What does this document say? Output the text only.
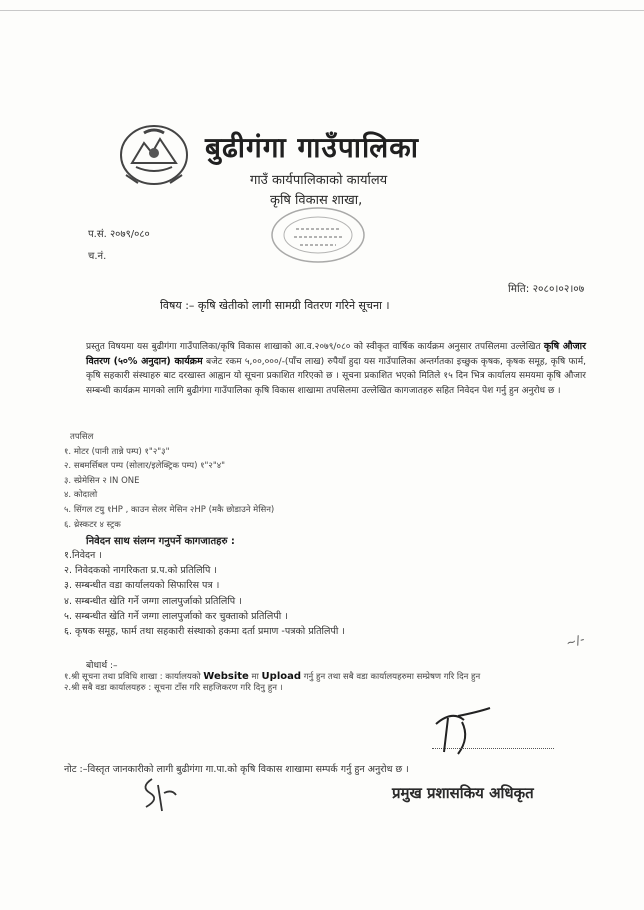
बुढीगंगा गाउँपालिका
गाउँ कार्यपालिकाको कार्यालय
कृषि विकास शाखा,
प.सं. २०७९/०८०
च.नं.
मिति: २०८०।०२।०७
विषय :– कृषि खेतीको लागी सामग्री वितरण गरिने सूचना ।
प्रस्तुत विषयमा यस बुढीगंगा गाउँपालिका/कृषि विकास शाखाको आ.व.२०७९/०८० को स्वीकृत वार्षिक कार्यक्रम अनुसार तपसिलमा उल्लेखित कृषि औजार वितरण (५०% अनुदान) कार्यक्रम बजेट रकम ५,००,०००/-(पाँच लाख) रुपैयाँ हुदा यस गाउँपालिका अन्तर्गतका इच्छुक कृषक, कृषक समूह, कृषि फार्म, कृषि सहकारी संस्थाहरु बाट दरखास्त आह्वान यो सूचना प्रकाशित गरिएको छ । सूचना प्रकाशित भएको मितिले १५ दिन भित्र कार्यालय समयमा कृषि औजार सम्बन्धी कार्यक्रम मागको लागि बुढीगंगा गाउँपालिका कृषि विकास शाखामा तपसिलमा उल्लेखित कागजातहरु सहित निवेदन पेश गर्नु हुन अनुरोध छ ।
तपसिल
१. मोटर (पानी तान्ने पम्प) १"२"३"
२. सबमर्सिबल पम्प (सोलार/इलेक्ट्रिक पम्प) १"२"४"
३. स्प्रेमेसिन २ IN ONE
४. कोदालो
५. सिंगल टयु १HP , काउन सेलर मेसिन २HP (मकै छोडाउने मेसिन)
६. थ्रेस्कटर ४ स्ट्रक
निवेदन साथ संलग्न गनुपर्ने कागजातहरु :
१.निवेदन ।
२. निवेदकको नागरिकता प्र.प.को प्रतिलिपि ।
३. सम्बन्धीत वडा कार्यालयको सिफारिस पत्र ।
४. सम्बन्धीत खेति गर्ने जग्गा लालपुर्जाको प्रतिलिपि ।
५. सम्बन्धीत खेति गर्ने जग्गा लालपुर्जाको कर चुक्ताको प्रतिलिपी ।
६. कृषक समूह, फार्म तथा सहकारी संस्थाको हकमा दर्ता प्रमाण -पत्रको प्रतिलिपी ।
~/-
बोधार्थ :–
१.श्री सूचना तथा प्रविधि शाखा : कार्यालयको Website मा Upload गर्नु हुन तथा सबै वडा कार्यालयहरुमा सम्प्रेषण गरि दिन हुन
२.श्री सबै वडा कार्यालयहरु : सूचना टाँस गरि सहजिकरण गरि दिनु हुन ।
नोट :–विस्तृत जानकारीको लागी बुढीगंगा गा.पा.को कृषि विकास शाखामा सम्पर्क गर्नु हुन अनुरोध छ ।
प्रमुख प्रशासकिय अधिकृत
